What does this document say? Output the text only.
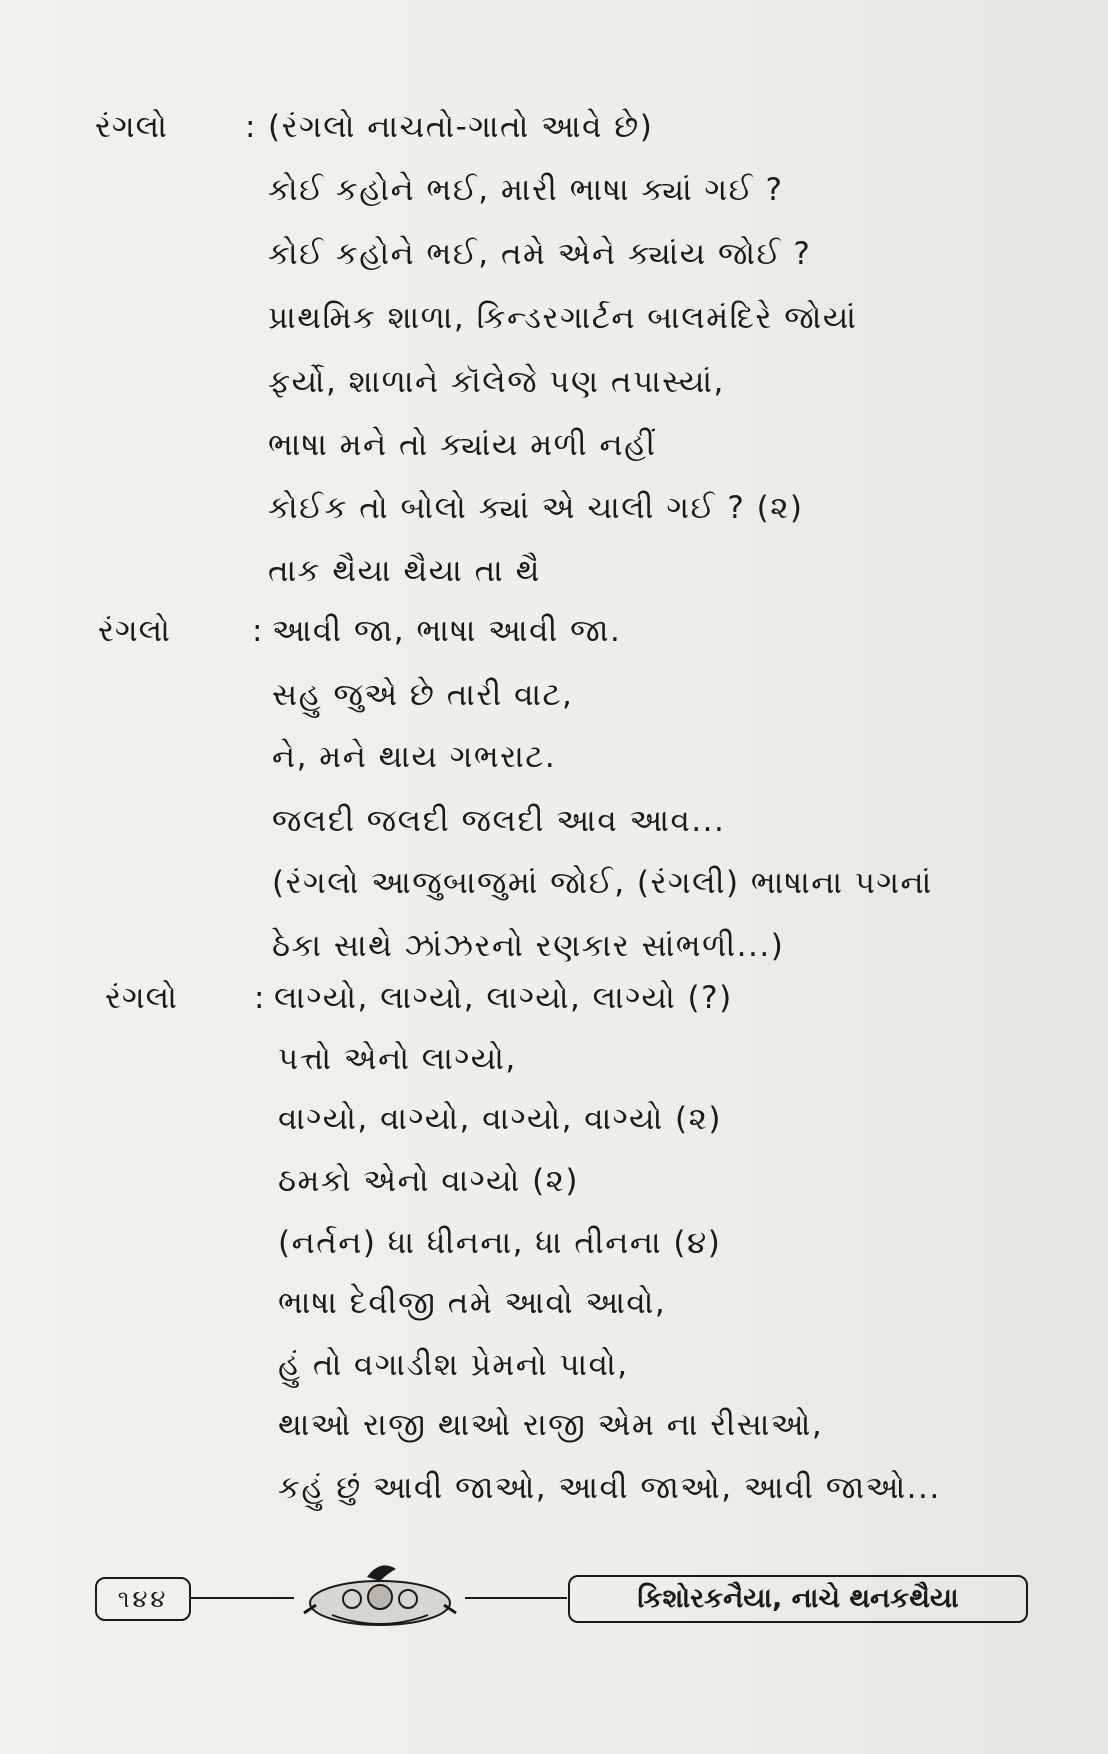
રંગલો : (રંગલો નાચતો-ગાતો આવે છે)
કોઈ કહોને ભઈ, મારી ભાષા ક્યાં ગઈ ?
કોઈ કહોને ભઈ, તમે એને ક્યાંય જોઈ ?
પ્રાથમિક શાળા, કિન્ડરગાર્ટન બાલમંદિરે જોયાં
ફર્યો, શાળાને કૉલેજે પણ તપાસ્યાં,
ભાષા મને તો ક્યાંય મળી નહીં
કોઈક તો બોલો ક્યાં એ ચાલી ગઈ ? (૨)
તાક થૈયા થૈયા તા થૈ
રંગલો	: આવી જા, ભાષા આવી જા.
સહુ જુએ છે તારી વાટ,
ને, મને થાય ગભરાટ.
જલદી જલદી જલદી આવ આવ...
(રંગલો આજુબાજુમાં જોઈ, (રંગલી) ભાષાના પગનાં
ઠેકા સાથે ઝાંઝરનો રણકાર સાંભળી...)
રંગલો : લાગ્યો, લાગ્યો, લાગ્યો, લાગ્યો (?)
પત્તો એનો લાગ્યો,
વાગ્યો, વાગ્યો, વાગ્યો, વાગ્યો (૨)
ઠમકો એનો વાગ્યો (૨)
(નર્તન) ધા ધીનના, ધા તીનના (૪)
ભાષા દેવીજી તમે આવો આવો,
હું તો વગાડીશ પ્રેમનો પાવો,
થાઓ રાજી થાઓ રાજી એમ ના રીસાઓ,
કહું છું આવી જાઓ, આવી જાઓ, આવી જાઓ...
૧૪૪	કિશોરકનૈયા, નાચે થનકથૈયા
